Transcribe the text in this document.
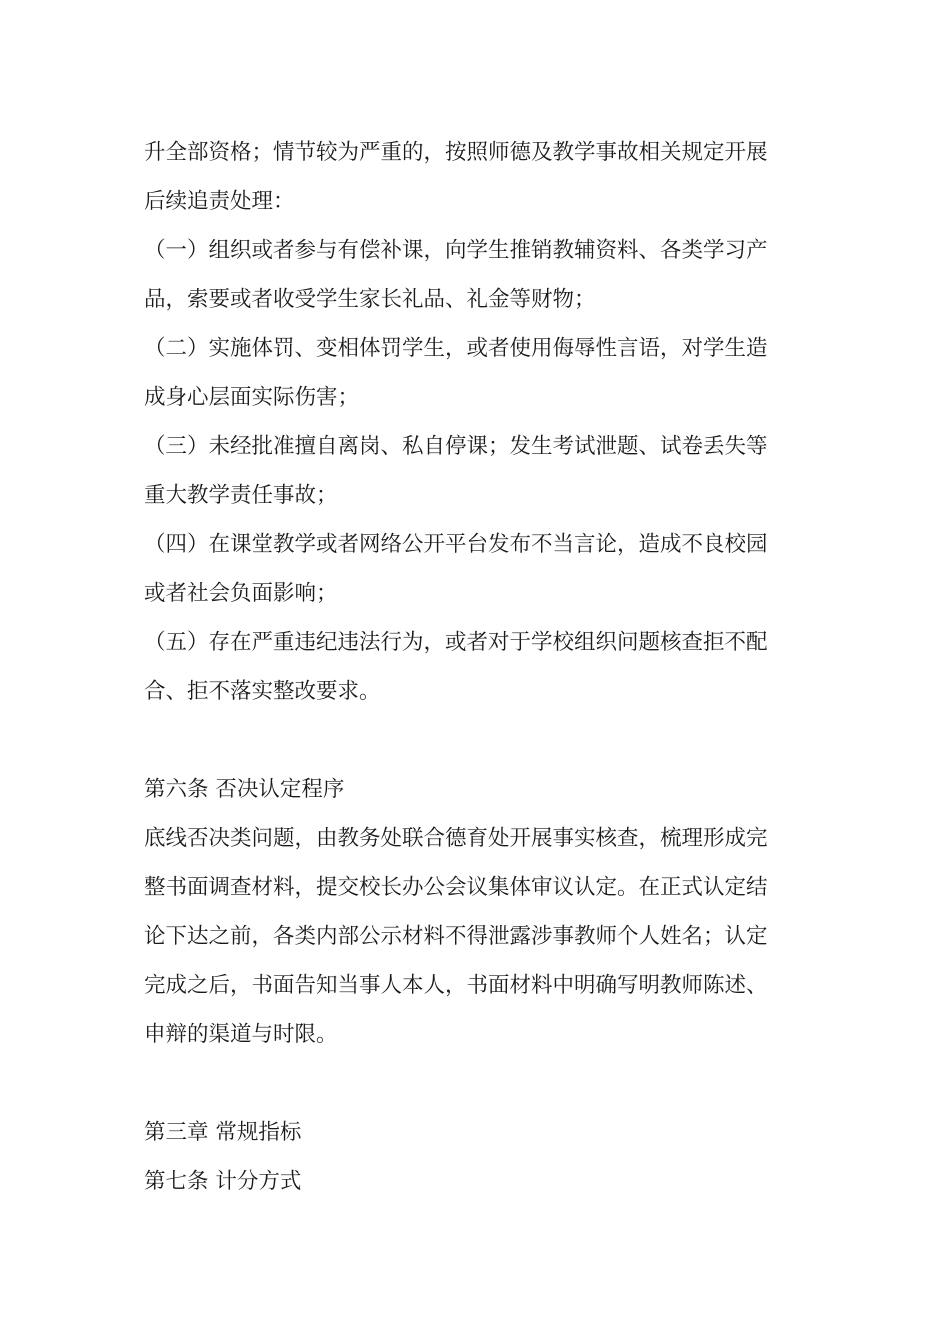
升全部资格；情节较为严重的，按照师德及教学事故相关规定开展
后续追责处理：
（一）组织或者参与有偿补课，向学生推销教辅资料、各类学习产
品，索要或者收受学生家长礼品、礼金等财物；
（二）实施体罚、变相体罚学生，或者使用侮辱性言语，对学生造
成身心层面实际伤害；
（三）未经批准擅自离岗、私自停课；发生考试泄题、试卷丢失等
重大教学责任事故；
（四）在课堂教学或者网络公开平台发布不当言论，造成不良校园
或者社会负面影响；
（五）存在严重违纪违法行为，或者对于学校组织问题核查拒不配
合、拒不落实整改要求。
第六条 否决认定程序
底线否决类问题，由教务处联合德育处开展事实核查，梳理形成完
整书面调查材料，提交校长办公会议集体审议认定。在正式认定结
论下达之前，各类内部公示材料不得泄露涉事教师个人姓名；认定
完成之后，书面告知当事人本人，书面材料中明确写明教师陈述、
申辩的渠道与时限。
第三章 常规指标
第七条 计分方式
